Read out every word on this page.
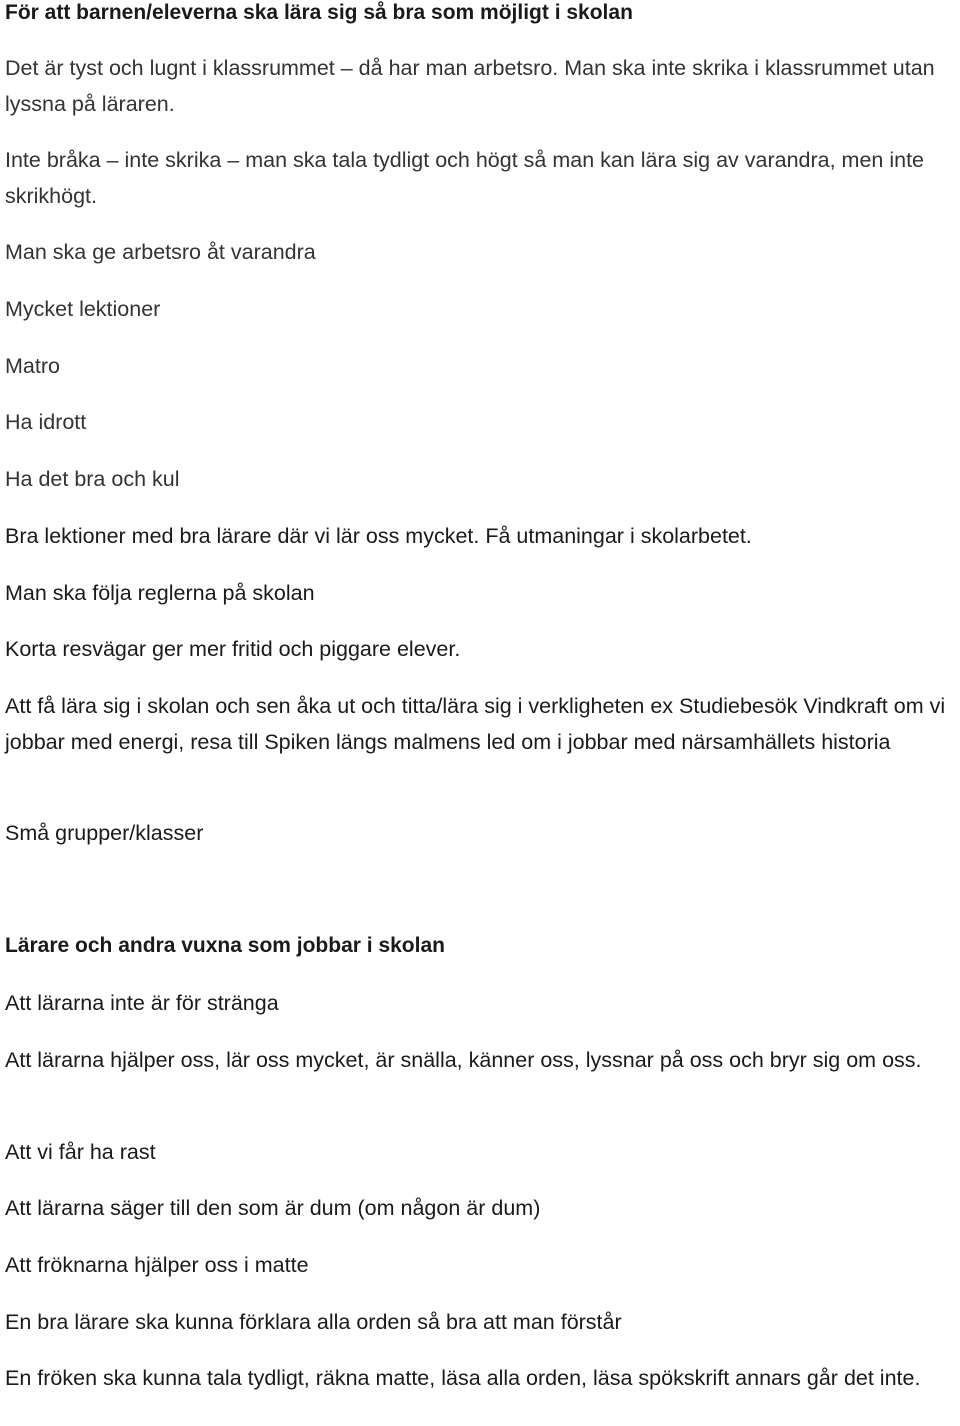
För att barnen/eleverna ska lära sig så bra som möjligt i skolan

Det är tyst och lugnt i klassrummet – då har man arbetsro. Man ska inte skrika i klassrummet utan lyssna på läraren.

Inte bråka – inte skrika – man ska tala tydligt och högt så man kan lära sig av varandra, men inte skrikhögt.

Man ska ge arbetsro åt varandra

Mycket lektioner

Matro

Ha idrott

Ha det bra och kul

Bra lektioner med bra lärare där vi lär oss mycket. Få utmaningar i skolarbetet.

Man ska följa reglerna på skolan

Korta resvägar ger mer fritid och piggare elever.

Att få lära sig i skolan och sen åka ut och titta/lära sig i verkligheten ex Studiebesök Vindkraft om vi jobbar med energi, resa till Spiken längs malmens led om i jobbar med närsamhällets historia

Små grupper/klasser

Lärare och andra vuxna som jobbar i skolan

Att lärarna inte är för stränga

Att lärarna hjälper oss, lär oss mycket, är snälla, känner oss, lyssnar på oss och bryr sig om oss.

Att vi får ha rast

Att lärarna säger till den som är dum (om någon är dum)

Att fröknarna hjälper oss i matte

En bra lärare ska kunna förklara alla orden så bra att man förstår

En fröken ska kunna tala tydligt, räkna matte, läsa alla orden, läsa spökskrift annars går det inte.
